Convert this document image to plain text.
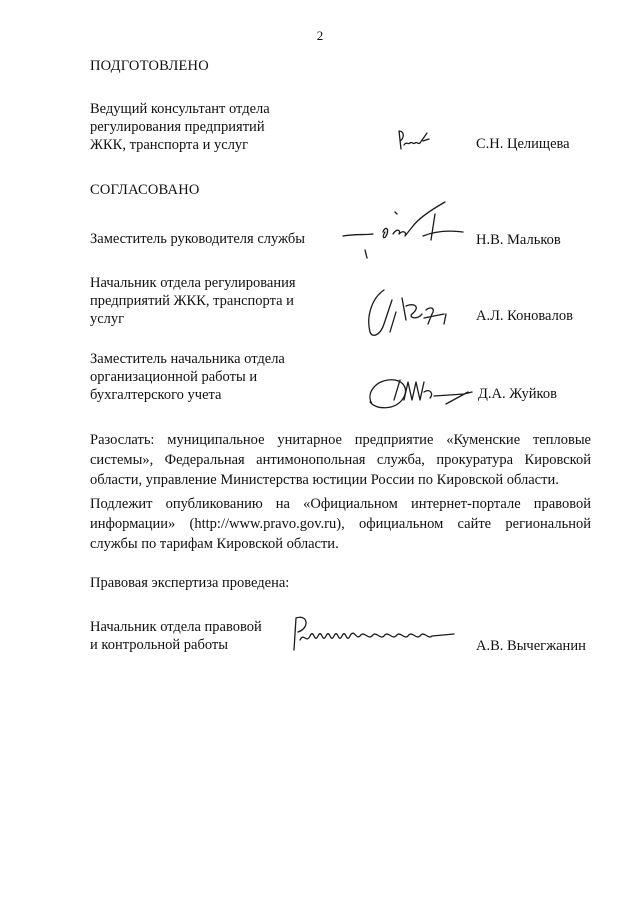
2
ПОДГОТОВЛЕНО
Ведущий консультант отдела
регулирования предприятий
ЖКК, транспорта и услуг	С.Н. Целищева
СОГЛАСОВАНО
Заместитель руководителя службы	Н.В. Мальков
Начальник отдела регулирования
предприятий ЖКК, транспорта и
услуг	А.Л. Коновалов
Заместитель начальника отдела
организационной работы и
бухгалтерского учета	Д.А. Жуйков
Разослать: муниципальное унитарное предприятие «Куменские тепловые системы», Федеральная антимонопольная служба, прокуратура Кировской области, управление Министерства юстиции России по Кировской области.
Подлежит опубликованию на «Официальном интернет-портале правовой информации» (http://www.pravo.gov.ru), официальном сайте региональной службы по тарифам Кировской области.
Правовая экспертиза проведена:
Начальник отдела правовой
и контрольной работы	А.В. Вычегжанин
